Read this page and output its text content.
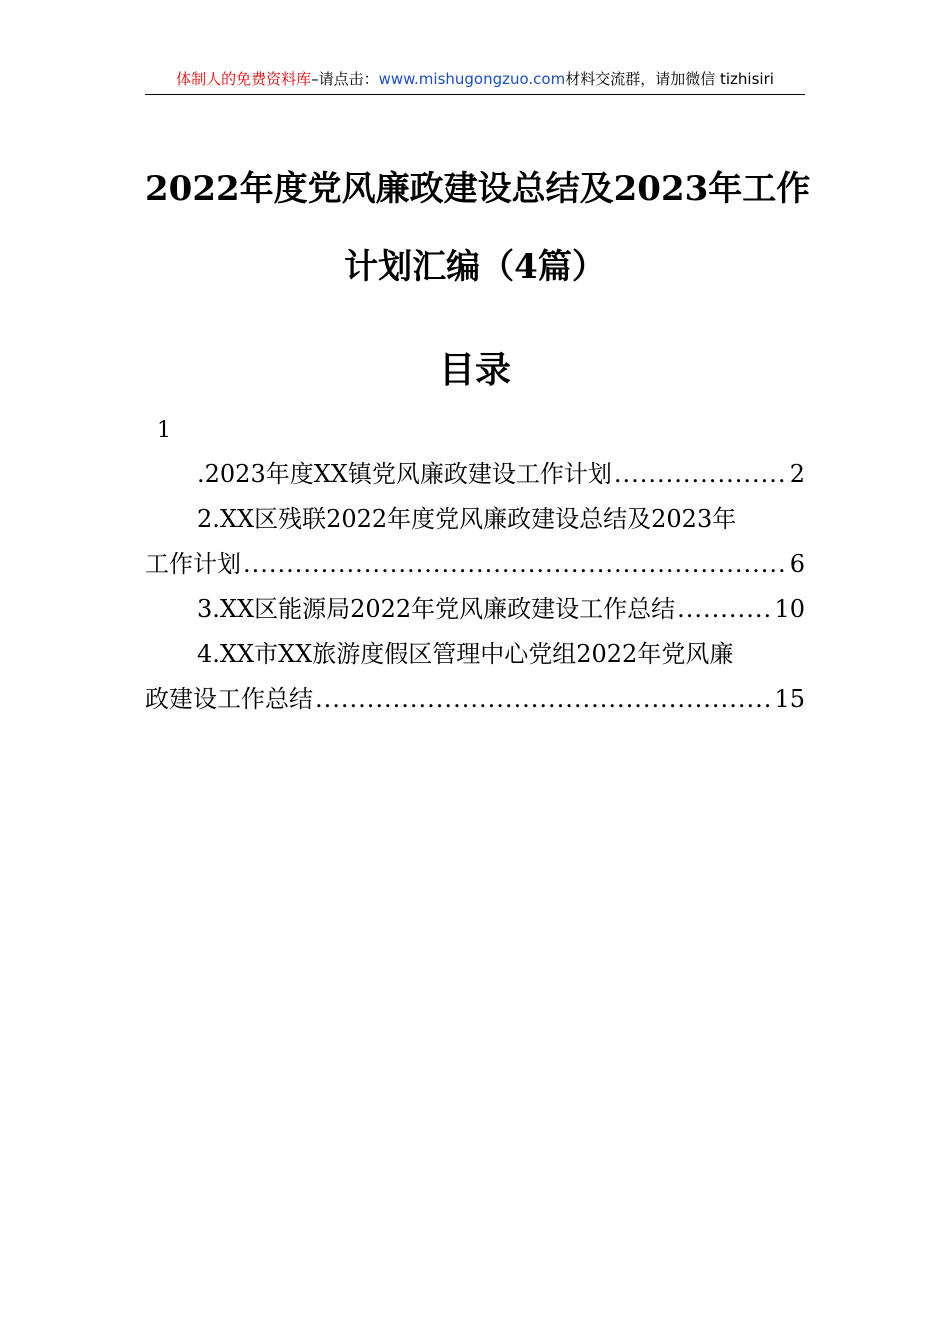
体制人的免费资料库–请点击：www.mishugongzuo.com材料交流群，请加微信 tizhisiri
2022年度党风廉政建设总结及2023年工作
计划汇编（4篇）
目录
1
.2023年度XX镇党风廉政建设工作计划 .....	2
2.XX区残联2022年度党风廉政建设总结及2023年
工作计划 .....	6
3.XX区能源局2022年党风廉政建设工作总结 .....	10
4.XX市XX旅游度假区管理中心党组2022年党风廉
政建设工作总结 .....	15
